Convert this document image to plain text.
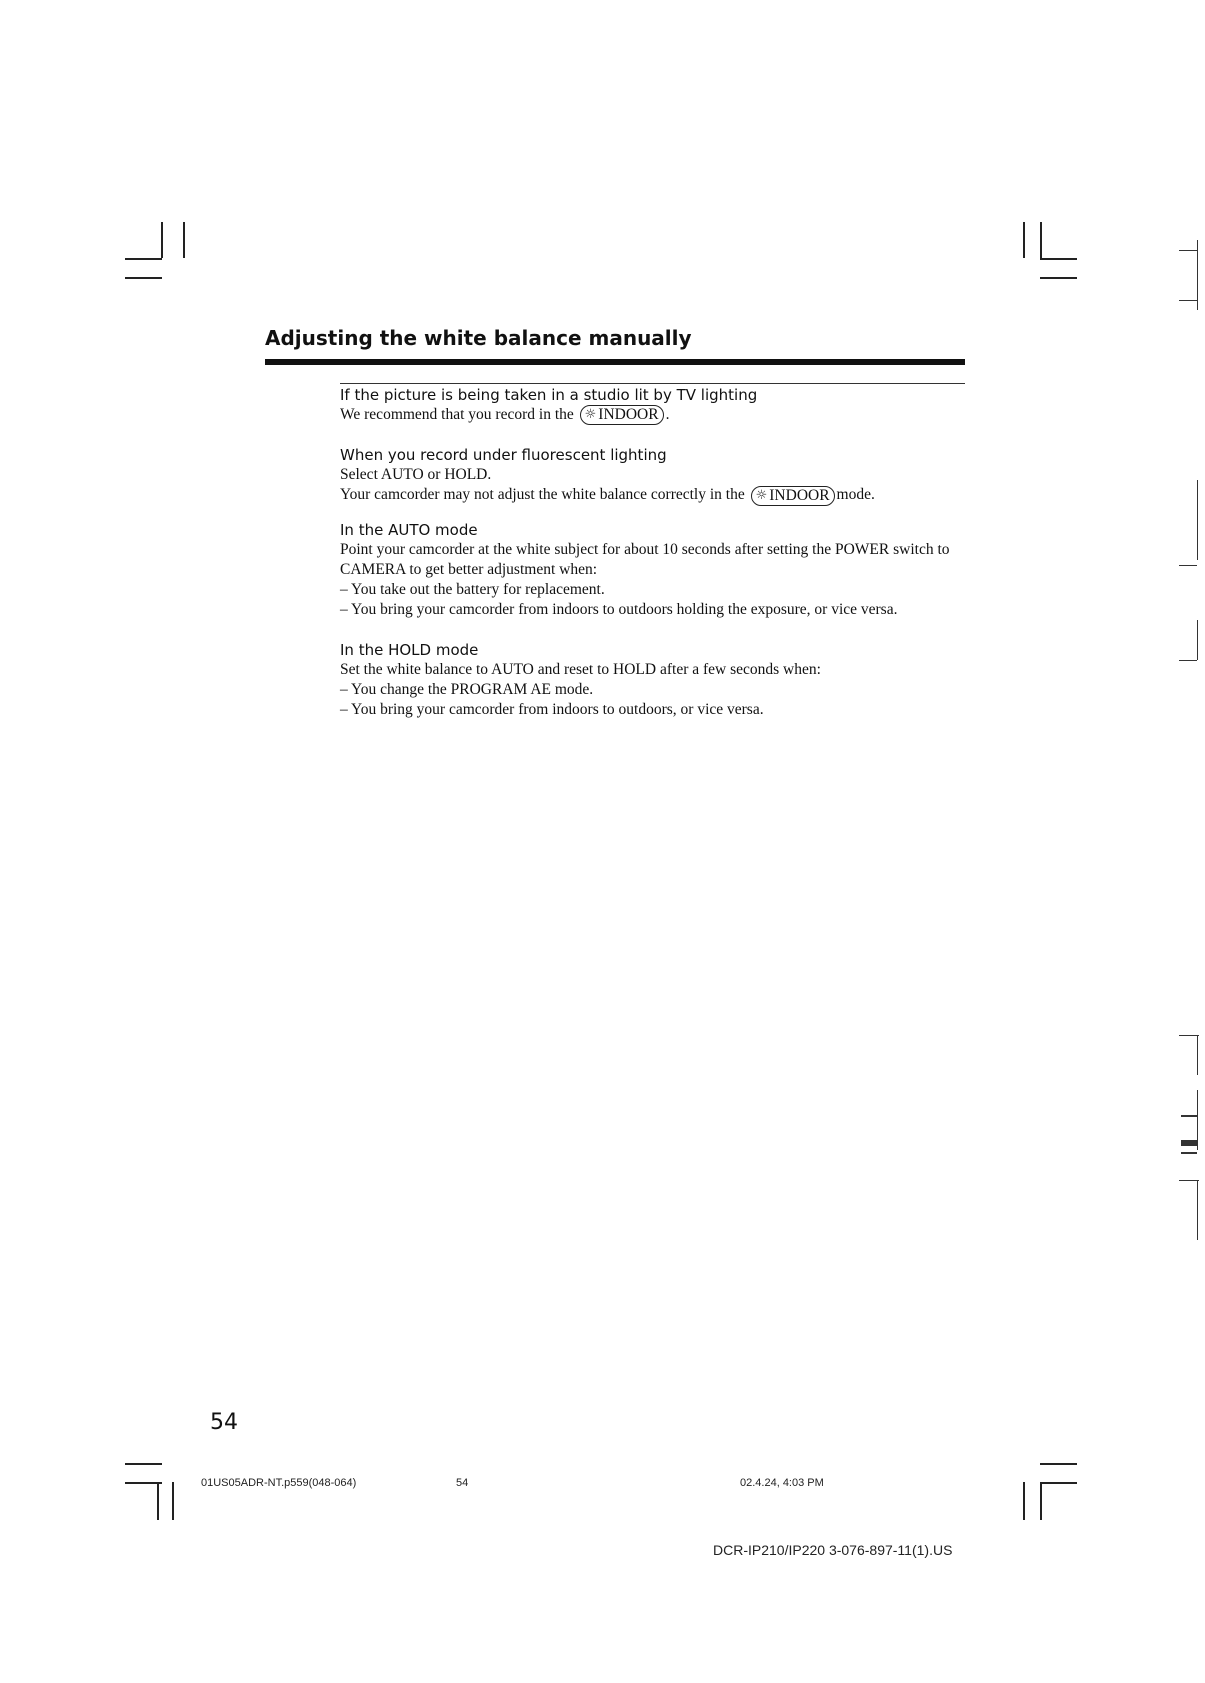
Adjusting the white balance manually
If the picture is being taken in a studio lit by TV lighting
We recommend that you record in the ☼ INDOOR .
When you record under fluorescent lighting
Select AUTO or HOLD.
Your camcorder may not adjust the white balance correctly in the ☼ INDOOR mode.
In the AUTO mode
Point your camcorder at the white subject for about 10 seconds after setting the POWER switch to CAMERA to get better adjustment when:
– You take out the battery for replacement.
– You bring your camcorder from indoors to outdoors holding the exposure, or vice versa.
In the HOLD mode
Set the white balance to AUTO and reset to HOLD after a few seconds when:
– You change the PROGRAM AE mode.
– You bring your camcorder from indoors to outdoors, or vice versa.
54
01US05ADR-NT.p559(048-064)	54	02.4.24, 4:03 PM
DCR-IP210/IP220 3-076-897-11(1).US
